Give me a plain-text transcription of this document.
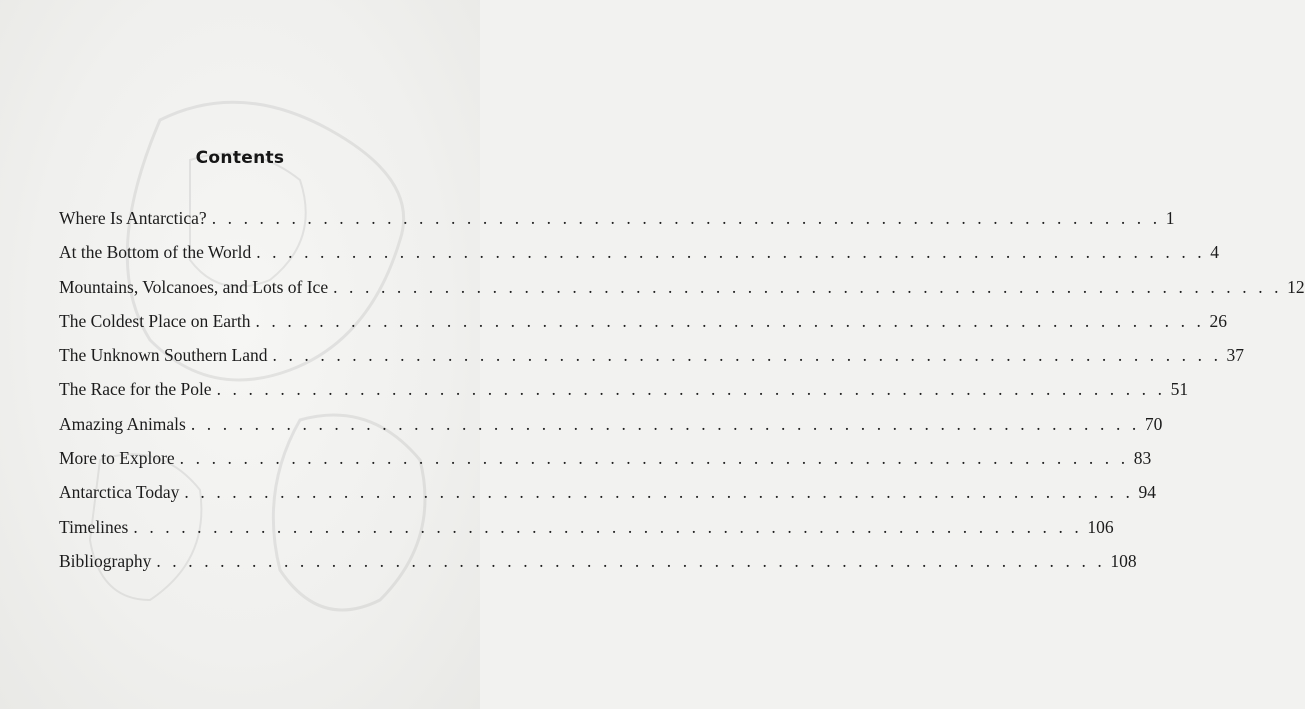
Contents
Where Is Antarctica? . . . . . . . . . . . . . . . . . . . . . . . . . . . . . . . . . . . . . . . . . . . . . . . . . . . . . . . . . . . . 1
At the Bottom of the World . . . . . . . . . . . . . . . . . . . . . . . . . . . . . . . . . . . . . . . . . . . . . . . . . . . . . . . . . . . . 4
Mountains, Volcanoes, and Lots of Ice . . . . . . . . . . . . . . . . . . . . . . . . . . . . . . . . . . . . . . . . . . . . . . . . . . . . . . . . . . . . 12
The Coldest Place on Earth . . . . . . . . . . . . . . . . . . . . . . . . . . . . . . . . . . . . . . . . . . . . . . . . . . . . . . . . . . . . 26
The Unknown Southern Land . . . . . . . . . . . . . . . . . . . . . . . . . . . . . . . . . . . . . . . . . . . . . . . . . . . . . . . . . . . . 37
The Race for the Pole . . . . . . . . . . . . . . . . . . . . . . . . . . . . . . . . . . . . . . . . . . . . . . . . . . . . . . . . . . . . 51
Amazing Animals . . . . . . . . . . . . . . . . . . . . . . . . . . . . . . . . . . . . . . . . . . . . . . . . . . . . . . . . . . . . 70
More to Explore . . . . . . . . . . . . . . . . . . . . . . . . . . . . . . . . . . . . . . . . . . . . . . . . . . . . . . . . . . . . 83
Antarctica Today . . . . . . . . . . . . . . . . . . . . . . . . . . . . . . . . . . . . . . . . . . . . . . . . . . . . . . . . . . . . 94
Timelines . . . . . . . . . . . . . . . . . . . . . . . . . . . . . . . . . . . . . . . . . . . . . . . . . . . . . . . . . . . . 106
Bibliography . . . . . . . . . . . . . . . . . . . . . . . . . . . . . . . . . . . . . . . . . . . . . . . . . . . . . . . . . . . . 108
